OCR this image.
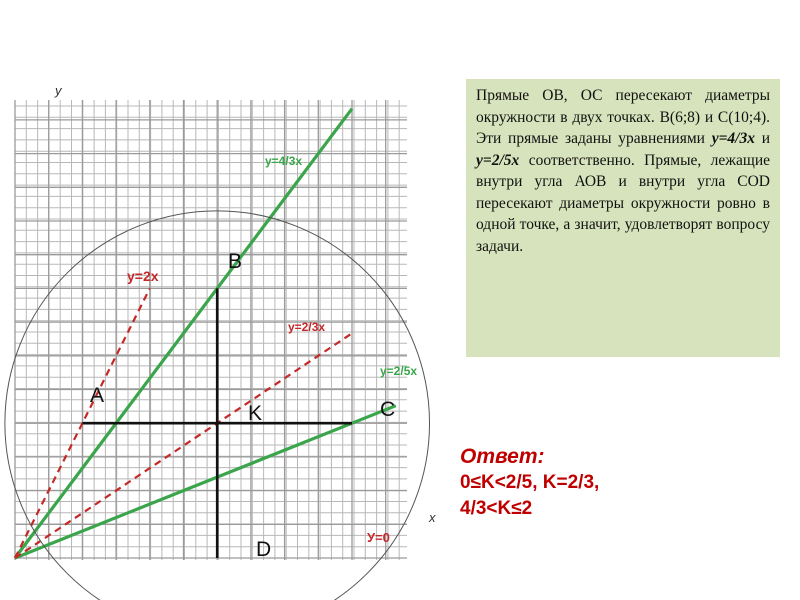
y
x
y=4/3x
y=2/5x
y=2x
y=2/3x
У=0
A
B
C
D
K

Прямые ОВ, ОС пересекают диаметры окружности в двух точках. В(6;8) и С(10;4). Эти прямые заданы уравнениями у=4/3х и у=2/5х соответственно. Прямые, лежащие внутри угла АОВ и внутри угла COD пересекают диаметры окружности ровно в одной точке, а значит, удовлетворят вопросу задачи.

Ответ:
0≤K<2/5, K=2/3,
4/3<K≤2
